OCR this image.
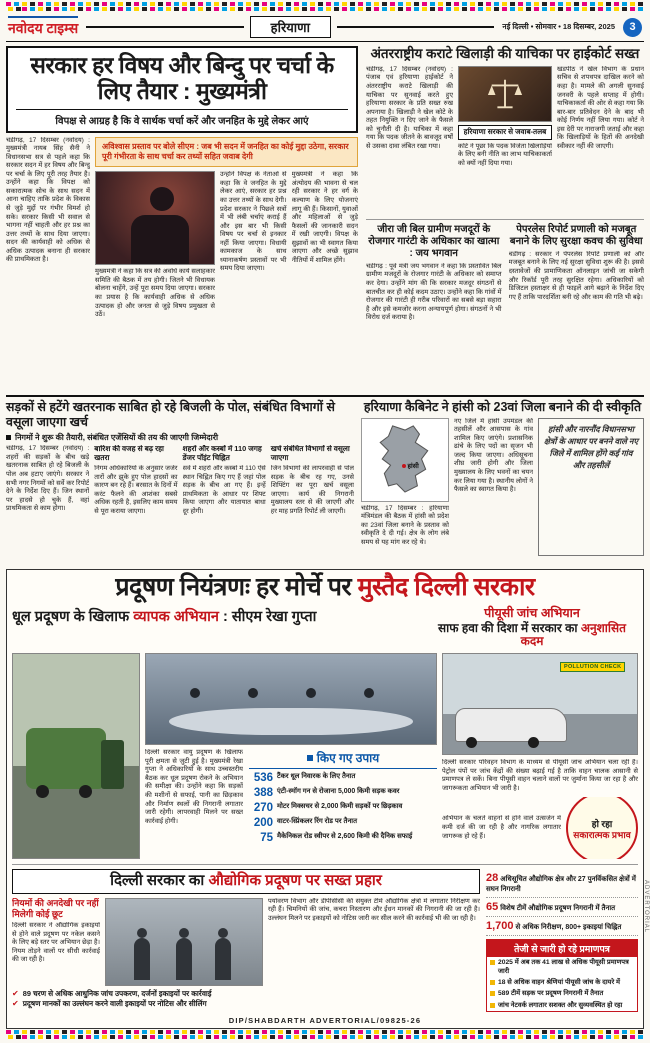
नवोदय टाइम्स	हरियाणा	नई दिल्ली • सोमवार • 18 दिसम्बर, 2025	3
सरकार हर विषय और बिन्दु पर चर्चा के लिए तैयार : मुख्यमंत्री
विपक्ष से आग्रह है कि वे सार्थक चर्चा करें और जनहित के मुद्दे लेकर आएं
चंडीगढ़, 17 दिसम्बर (नवोदय) : मुख्यमंत्री नायब सिंह सैनी ने विधानसभा सत्र से पहले कहा कि सरकार सदन में हर विषय और बिन्दु पर चर्चा के लिए पूरी तरह तैयार है। उन्होंने कहा कि विपक्ष को सकारात्मक सोच के साथ सदन में आना चाहिए ताकि प्रदेश के विकास से जुड़े मुद्दों पर गंभीर विमर्श हो सके। सरकार किसी भी सवाल से भागना नहीं चाहती और हर प्रश्न का उत्तर तथ्यों के साथ दिया जाएगा। सदन की कार्यवाही को अधिक से अधिक उत्पादक बनाना ही सरकार की प्राथमिकता है।
अविश्वास प्रस्ताव पर बोले सीएम : जब भी सदन में जनहित का कोई मुद्दा उठेगा, सरकार पूरी गंभीरता के साथ चर्चा कर तथ्यों सहित जवाब देगी
मुख्यमंत्री ने कहा कि सत्र की अवधि कार्य सलाहकार समिति की बैठक में तय होगी। जितने भी विधायक बोलना चाहेंगे, उन्हें पूरा समय दिया जाएगा। सरकार का प्रयास है कि कार्यवाही अधिक से अधिक उत्पादक हो और जनता से जुड़े विषय प्रमुखता से उठें।
उन्होंने विपक्ष के नेताओं से कहा कि वे जनहित के मुद्दे लेकर आएं, सरकार हर प्रश्न का उत्तर तथ्यों के साथ देगी। प्रदेश सरकार ने पिछले सत्रों में भी लंबी चर्चाएं कराई हैं और इस बार भी किसी विषय पर चर्चा से इनकार नहीं किया जाएगा। विधायी कामकाज के साथ ध्यानाकर्षण प्रस्तावों पर भी समय दिया जाएगा।
मुख्यमंत्री ने कहा कि अंत्योदय की भावना से चल रही सरकार ने हर वर्ग के कल्याण के लिए योजनाएं लागू की हैं। किसानों, युवाओं और महिलाओं से जुड़े फैसलों की जानकारी सदन में रखी जाएगी। विपक्ष के सुझावों का भी स्वागत किया जाएगा और अच्छे सुझाव नीतियों में शामिल होंगे।
अंतरराष्ट्रीय कराटे खिलाड़ी की याचिका पर हाईकोर्ट सख्त
चंडीगढ़, 17 दिसम्बर (नवोदय) : पंजाब एवं हरियाणा हाईकोर्ट ने अंतरराष्ट्रीय कराटे खिलाड़ी की याचिका पर सुनवाई करते हुए हरियाणा सरकार के प्रति सख्त रुख अपनाया है। खिलाड़ी ने खेल कोटे के तहत नियुक्ति न दिए जाने के फैसले को चुनौती दी है। याचिका में कहा गया कि पदक जीतने के बावजूद वर्षों से उसका दावा लंबित रखा गया।
हरियाणा सरकार से जवाब-तलब
कोर्ट ने पूछा कि पदक विजेता खिलाड़ियों के लिए बनी नीति का लाभ याचिकाकर्ता को क्यों नहीं दिया गया।
खंडपीठ ने खेल विभाग के प्रधान सचिव से शपथपत्र दाखिल करने को कहा है। मामले की अगली सुनवाई जनवरी के पहले सप्ताह में होगी। याचिकाकर्ता की ओर से कहा गया कि बार-बार प्रतिवेदन देने के बाद भी कोई निर्णय नहीं लिया गया। कोर्ट ने इस देरी पर नाराजगी जताई और कहा कि खिलाड़ियों के हितों की अनदेखी स्वीकार नहीं की जाएगी।
जीरा जी बिल ग्रामीण मजदूरों के रोजगार गारंटी के अधिकार का खात्मा : जय भगवान
चंडीगढ़ : पूर्व मंत्री जय भगवान ने कहा कि प्रस्तावित बिल ग्रामीण मजदूरों के रोजगार गारंटी के अधिकार को समाप्त कर देगा। उन्होंने मांग की कि सरकार मजदूर संगठनों से बातचीत कर ही कोई कदम उठाए। उन्होंने कहा कि गांवों में रोजगार की गारंटी ही गरीब परिवारों का सबसे बड़ा सहारा है और इसे कमजोर करना अन्यायपूर्ण होगा। संगठनों ने भी विरोध दर्ज कराया है।
पेपरलेस रिपोर्ट प्रणाली को मजबूत बनाने के लिए सुरक्षा कवच की सुविधा
चंडीगढ़ : सरकार ने पेपरलेस रिपोर्ट प्रणाली को और मजबूत बनाने के लिए नई सुरक्षा सुविधा शुरू की है। इससे दस्तावेजों की प्रामाणिकता ऑनलाइन जांची जा सकेगी और रिकॉर्ड पूरी तरह सुरक्षित रहेगा। अधिकारियों को डिजिटल हस्ताक्षर से ही फाइलें आगे बढ़ाने के निर्देश दिए गए हैं ताकि पारदर्शिता बनी रहे और काम की गति भी बढ़े।
सड़कों से हटेंगे खतरनाक साबित हो रहे बिजली के पोल, संबंधित विभागों से वसूला जाएगा खर्च
निगमों ने शुरू की तैयारी, संबंधित एजेंसियों की तय की जाएगी जिम्मेदारी
चंडीगढ़, 17 दिसम्बर (नवोदय) : शहरों की सड़कों के बीच खड़े खतरनाक साबित हो रहे बिजली के पोल अब हटाए जाएंगे। सरकार ने सभी नगर निगमों को सर्वे कर रिपोर्ट देने के निर्देश दिए हैं। जिन स्थानों पर हादसे हो चुके हैं, वहां प्राथमिकता से काम होगा।
बारिश की वजह से बढ़ रहा खतरा
निगम अधिकारियों के अनुसार जर्जर तारों और झुके हुए पोल हादसों का कारण बन रहे हैं। बरसात के दिनों में करंट फैलने की आशंका सबसे अधिक रहती है, इसलिए काम समय से पूरा कराया जाएगा।
शहरों और कस्बों में 110 जगह डेंजर पॉइंट चिह्नित
सर्वे में शहरों और कस्बों में 110 ऐसे स्थान चिह्नित किए गए हैं जहां पोल सड़क के बीच आ गए हैं। इन्हें प्राथमिकता के आधार पर शिफ्ट किया जाएगा और यातायात बाधा दूर होगी।
खर्च संबंधित विभागों से वसूला जाएगा
जिन विभागों की लापरवाही से पोल सड़क के बीच रह गए, उनसे शिफ्टिंग का पूरा खर्च वसूला जाएगा। कार्य की निगरानी मुख्यालय स्तर से की जाएगी और हर माह प्रगति रिपोर्ट ली जाएगी।
हरियाणा कैबिनेट ने हांसी को 23वां जिला बनाने की दी स्वीकृति
हांसी
चंडीगढ़, 17 दिसम्बर : हरियाणा मंत्रिमंडल की बैठक में हांसी को प्रदेश का 23वां जिला बनाने के प्रस्ताव को स्वीकृति दे दी गई। क्षेत्र के लोग लंबे समय से यह मांग कर रहे थे।
नए जिले में हांसी उपमंडल की तहसीलें और आसपास के गांव शामिल किए जाएंगे। प्रशासनिक ढांचे के लिए पदों का सृजन भी जल्द किया जाएगा। अधिसूचना शीघ्र जारी होगी और जिला मुख्यालय के लिए भवनों का चयन कर लिया गया है। स्थानीय लोगों ने फैसले का स्वागत किया है।
हांसी और नारनौंद विधानसभा क्षेत्रों के आधार पर बनने वाले नए जिले में शामिल होंगे कई गांव और तहसीलें
प्रदूषण नियंत्रणः हर मोर्चे पर मुस्तैद दिल्ली सरकार
धूल प्रदूषण के खिलाफ व्यापक अभियान : सीएम रेखा गुप्ता	पीयूसी जांच अभियान
साफ हवा की दिशा में सरकार का अनुशासित कदम
दिल्ली सरकार वायु प्रदूषण के खिलाफ पूरी क्षमता से जुटी हुई है। मुख्यमंत्री रेखा गुप्ता ने अधिकारियों के साथ उच्चस्तरीय बैठक कर धूल प्रदूषण रोकने के अभियान की समीक्षा की। उन्होंने कहा कि सड़कों की मशीनों से सफाई, पानी का छिड़काव और निर्माण स्थलों की निगरानी लगातार जारी रहेगी। लापरवाही मिलने पर सख्त कार्रवाई होगी।
किए गए उपाय
536 टैंकर धूल निवारक के लिए तैनात
388 एंटी-स्मॉग गन से रोजाना 5,000 किमी सड़क कवर
270 मोटर मिक्सचर से 2,000 किमी सड़कों पर छिड़काव
200 वाटर-स्प्रिंकलर रिंग रोड पर तैनात
75 मैकेनिकल रोड स्वीपर से 2,600 किमी की दैनिक सफाई
POLLUTION CHECK
दिल्ली सरकार परिवहन विभाग के माध्यम से पीयूसी जांच अभियान चला रही है। पेट्रोल पंपों पर जांच केंद्रों की संख्या बढ़ाई गई है ताकि वाहन चालक आसानी से प्रमाणपत्र ले सकें। बिना पीयूसी वाहन चलाने वालों पर जुर्माना किया जा रहा है और जागरूकता अभियान भी जारी है।
अभियान के चलते वाहनों से होने वाले उत्सर्जन में कमी दर्ज की जा रही है और नागरिक लगातार जागरूक हो रहे हैं।
हो रहा
सकारात्मक प्रभाव
दिल्ली सरकार का औद्योगिक प्रदूषण पर सख्त प्रहार
नियमों की अनदेखी पर नहीं मिलेगी कोई छूट
दिल्ली सरकार ने औद्योगिक इकाइयों से होने वाले प्रदूषण पर नकेल कसने के लिए बड़े स्तर पर अभियान छेड़ा है। नियम तोड़ने वालों पर सीधी कार्रवाई की जा रही है।
पर्यावरण विभाग और डीपीसीसी की संयुक्त टीमें औद्योगिक क्षेत्रों में लगातार निरीक्षण कर रही हैं। चिमनियों की जांच, कचरा निस्तारण और ईंधन मानकों की निगरानी की जा रही है। उल्लंघन मिलने पर इकाइयों को नोटिस जारी कर सील करने की कार्रवाई भी की जा रही है।
✔ 89 चरण से अधिक आधुनिक जांच उपकरण, दर्जनों इकाइयों पर कार्रवाई
✔ प्रदूषण मानकों का उल्लंघन करने वाली इकाइयों पर नोटिस और सीलिंग
28 अधिसूचित औद्योगिक क्षेत्र और 27 पुनर्विकसित क्षेत्रों में सघन निगरानी
65 विशेष टीमें औद्योगिक प्रदूषण निगरानी में तैनात
1,700 से अधिक निरीक्षण, 800+ इकाइयां चिह्नित
तेजी से जारी हो रहे प्रमाणपत्र
2025 में अब तक 41 लाख से अधिक पीयूसी प्रमाणपत्र जारी
18 से अधिक वाहन श्रेणियां पीयूसी जांच के दायरे में
589 टीमें सड़क पर प्रदूषण निगरानी में तैनात
जांच नेटवर्क लगातार सशक्त और सुव्यवस्थित हो रहा
DIP/SHABDARTH ADVERTORIAL/09825-26
ADVERTORIAL
